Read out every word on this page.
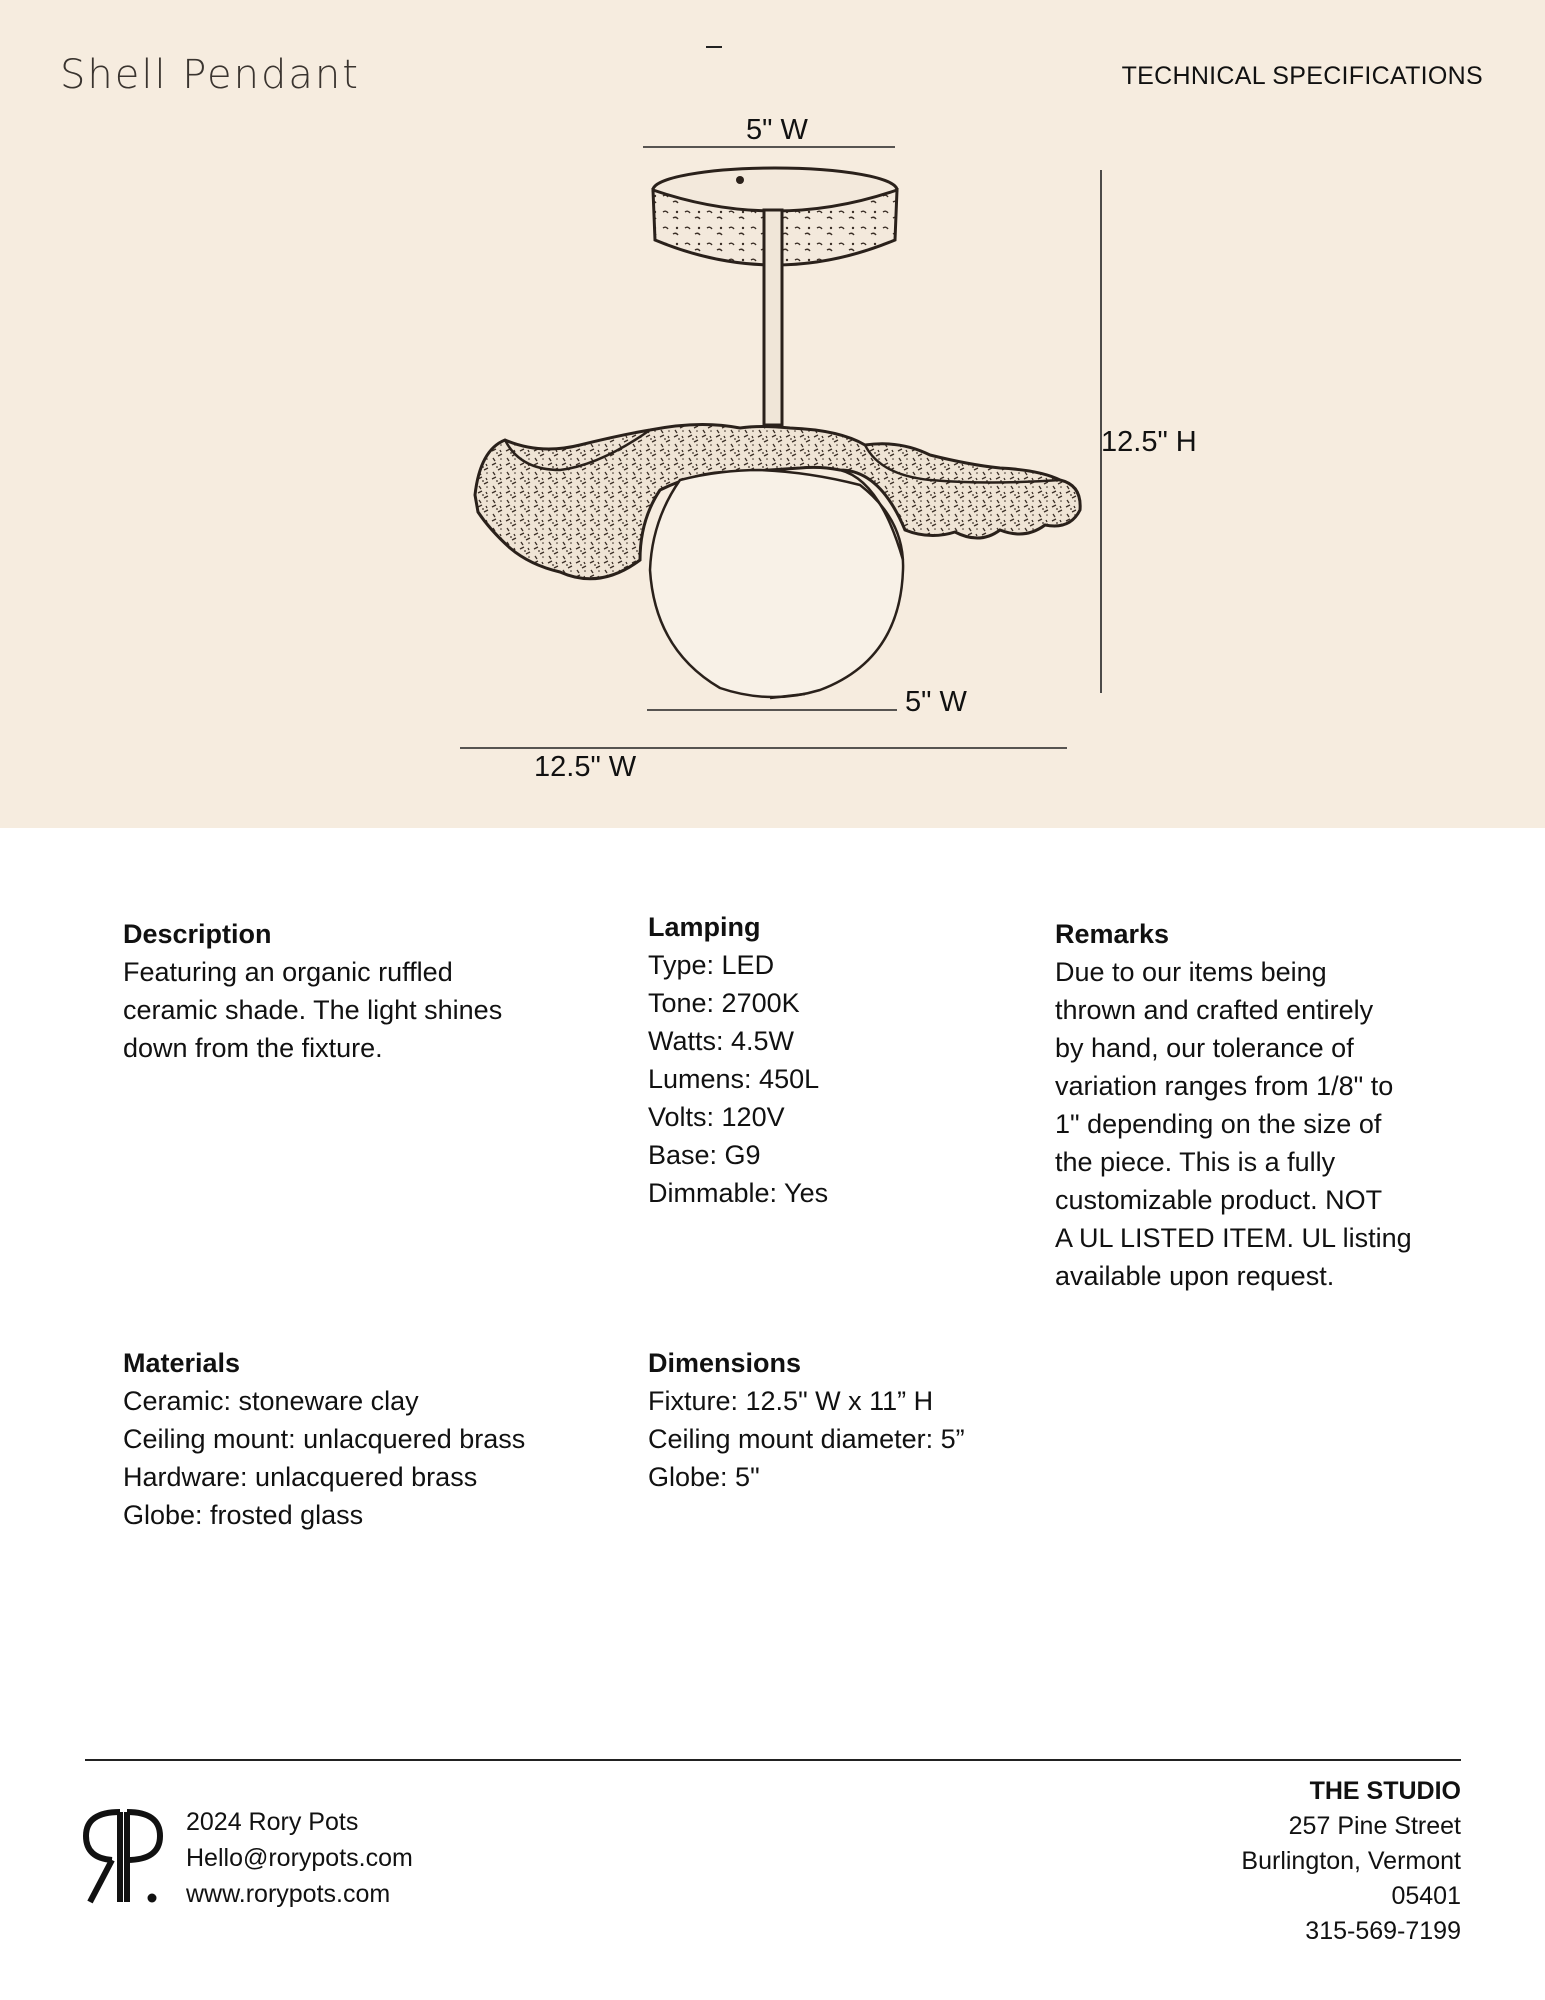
Shell Pendant	TECHNICAL SPECIFICATIONS
5" W
12.5" H
5" W
12.5" W
Description
Featuring an organic ruffled
ceramic shade. The light shines
down from the fixture.
Lamping
Type: LED
Tone: 2700K
Watts: 4.5W
Lumens: 450L
Volts: 120V
Base: G9
Dimmable: Yes
Remarks
Due to our items being
thrown and crafted entirely
by hand, our tolerance of
variation ranges from 1/8" to
1" depending on the size of
the piece. This is a fully
customizable product. NOT
A UL LISTED ITEM. UL listing
available upon request.
Materials
Ceramic: stoneware clay
Ceiling mount: unlacquered brass
Hardware: unlacquered brass
Globe: frosted glass
Dimensions
Fixture: 12.5" W x 11” H
Ceiling mount diameter: 5”
Globe: 5"
2024 Rory Pots
Hello@rorypots.com
www.rorypots.com
THE STUDIO
257 Pine Street
Burlington, Vermont
05401
315-569-7199
